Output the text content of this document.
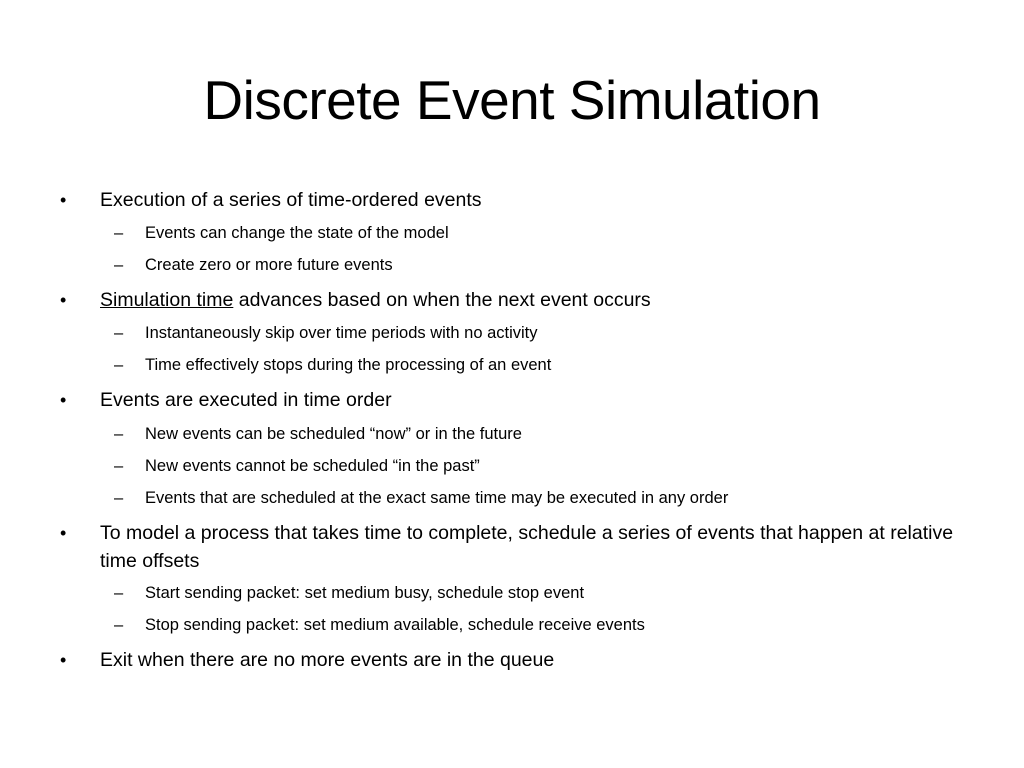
Discrete Event Simulation
• Execution of a series of time-ordered events
– Events can change the state of the model
– Create zero or more future events
• Simulation time advances based on when the next event occurs
– Instantaneously skip over time periods with no activity
– Time effectively stops during the processing of an event
• Events are executed in time order
– New events can be scheduled “now” or in the future
– New events cannot be scheduled “in the past”
– Events that are scheduled at the exact same time may be executed in any order
• To model a process that takes time to complete, schedule a series of events that happen at relative time offsets
– Start sending packet: set medium busy, schedule stop event
– Stop sending packet: set medium available, schedule receive events
• Exit when there are no more events are in the queue
